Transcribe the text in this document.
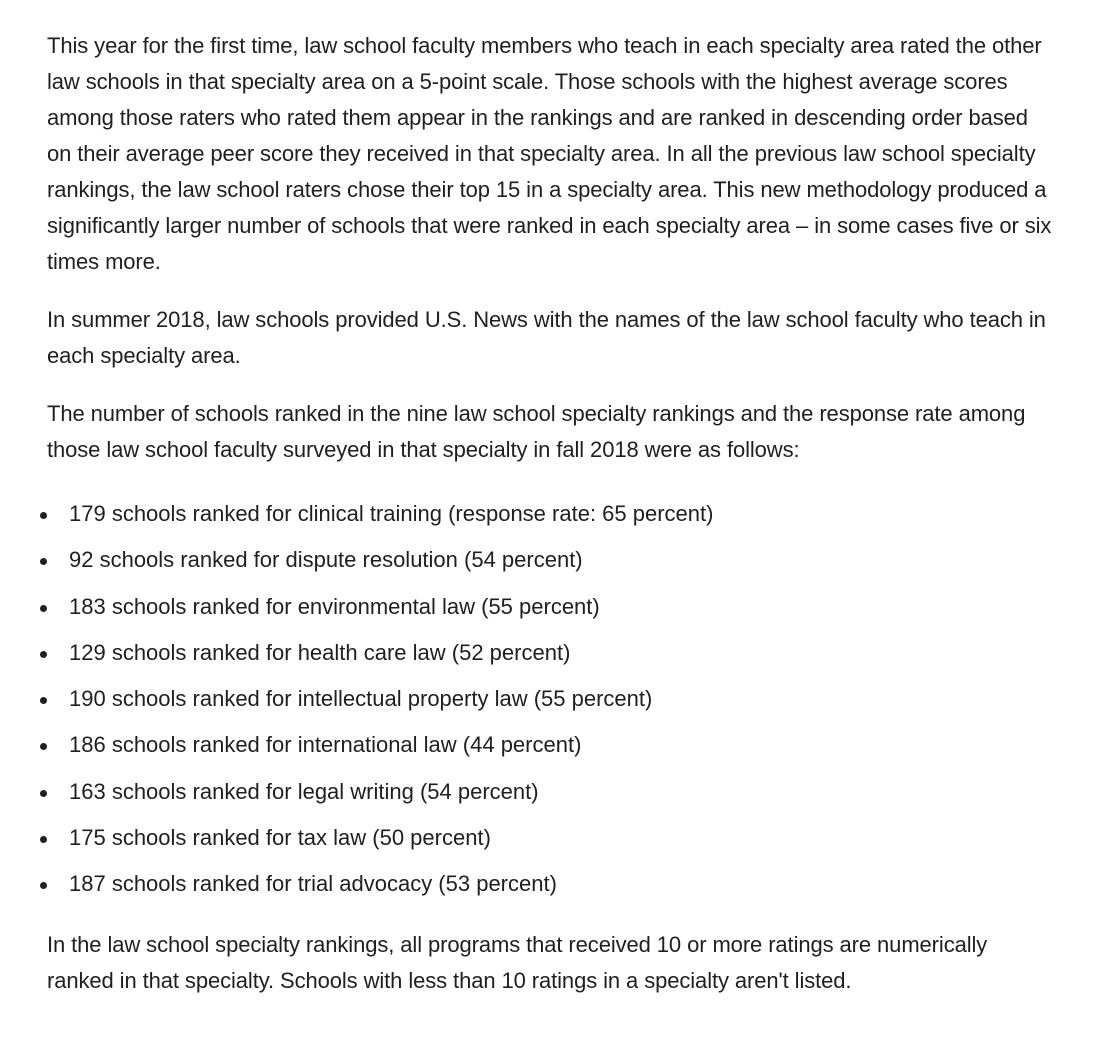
This year for the first time, law school faculty members who teach in each specialty area rated the other law schools in that specialty area on a 5-point scale. Those schools with the highest average scores among those raters who rated them appear in the rankings and are ranked in descending order based on their average peer score they received in that specialty area. In all the previous law school specialty rankings, the law school raters chose their top 15 in a specialty area. This new methodology produced a significantly larger number of schools that were ranked in each specialty area – in some cases five or six times more.

In summer 2018, law schools provided U.S. News with the names of the law school faculty who teach in each specialty area.

The number of schools ranked in the nine law school specialty rankings and the response rate among those law school faculty surveyed in that specialty in fall 2018 were as follows:

179 schools ranked for clinical training (response rate: 65 percent)
92 schools ranked for dispute resolution (54 percent)
183 schools ranked for environmental law (55 percent)
129 schools ranked for health care law (52 percent)
190 schools ranked for intellectual property law (55 percent)
186 schools ranked for international law (44 percent)
163 schools ranked for legal writing (54 percent)
175 schools ranked for tax law (50 percent)
187 schools ranked for trial advocacy (53 percent)

In the law school specialty rankings, all programs that received 10 or more ratings are numerically ranked in that specialty. Schools with less than 10 ratings in a specialty aren't listed.
